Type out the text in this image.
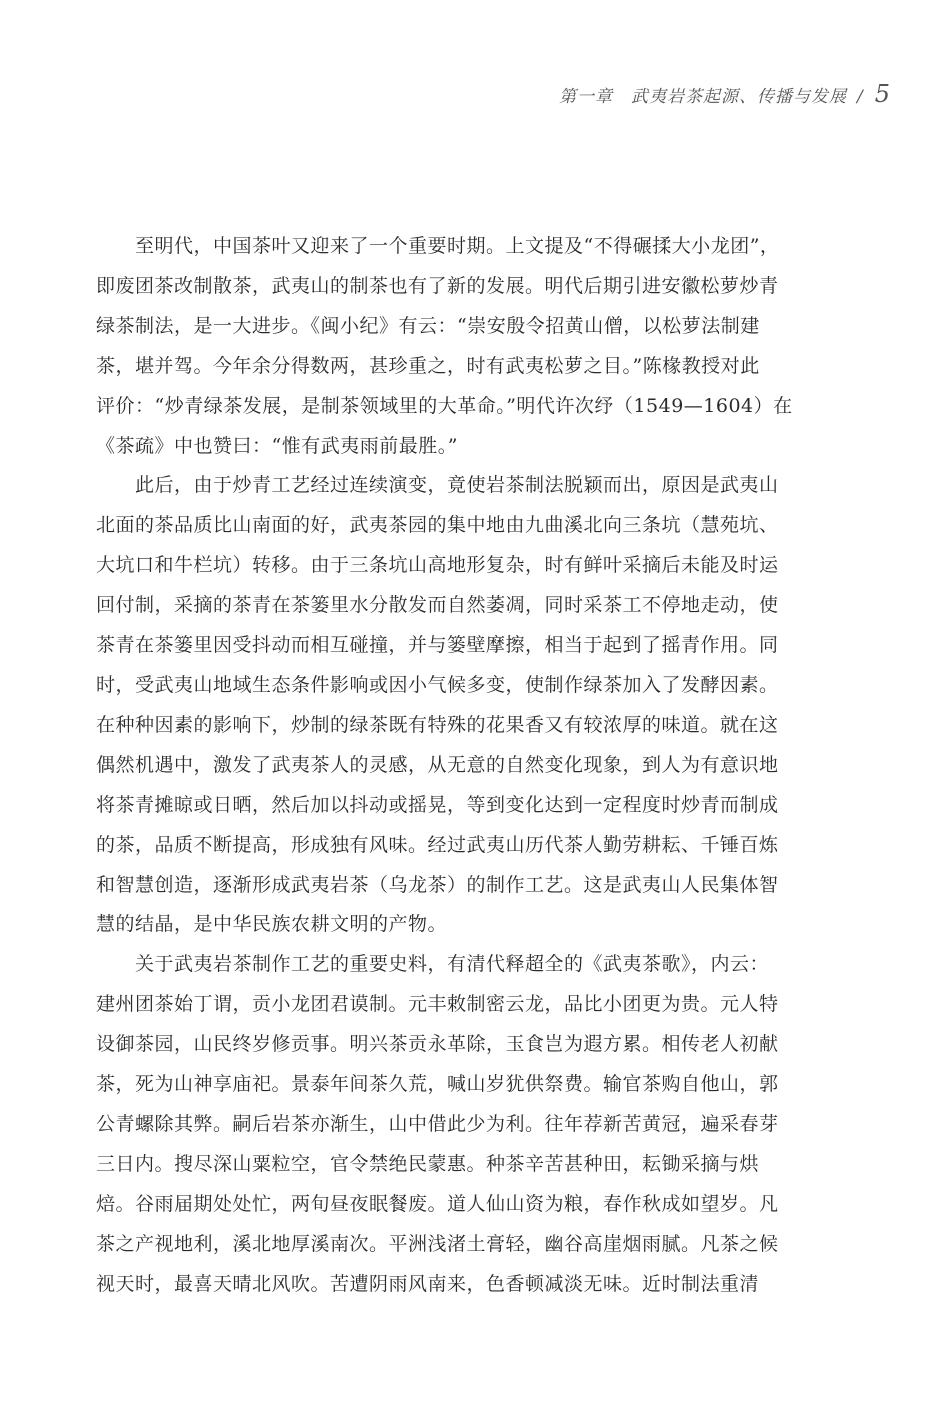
第一章　武夷岩茶起源、传播与发展 / 5

　　至明代，中国茶叶又迎来了一个重要时期。上文提及“不得碾揉大小龙团”，
即废团茶改制散茶，武夷山的制茶也有了新的发展。明代后期引进安徽松萝炒青
绿茶制法，是一大进步。《闽小纪》有云：“崇安殷令招黄山僧，以松萝法制建
茶，堪并驾。今年余分得数两，甚珍重之，时有武夷松萝之目。”陈椽教授对此
评价：“炒青绿茶发展，是制茶领域里的大革命。”明代许次纾（1549—1604）在
《茶疏》中也赞曰：“惟有武夷雨前最胜。”

　　此后，由于炒青工艺经过连续演变，竟使岩茶制法脱颖而出，原因是武夷山
北面的茶品质比山南面的好，武夷茶园的集中地由九曲溪北向三条坑（慧苑坑、
大坑口和牛栏坑）转移。由于三条坑山高地形复杂，时有鲜叶采摘后未能及时运
回付制，采摘的茶青在茶篓里水分散发而自然萎凋，同时采茶工不停地走动，使
茶青在茶篓里因受抖动而相互碰撞，并与篓壁摩擦，相当于起到了摇青作用。同
时，受武夷山地域生态条件影响或因小气候多变，使制作绿茶加入了发酵因素。
在种种因素的影响下，炒制的绿茶既有特殊的花果香又有较浓厚的味道。就在这
偶然机遇中，激发了武夷茶人的灵感，从无意的自然变化现象，到人为有意识地
将茶青摊晾或日晒，然后加以抖动或摇晃，等到变化达到一定程度时炒青而制成
的茶，品质不断提高，形成独有风味。经过武夷山历代茶人勤劳耕耘、千锤百炼
和智慧创造，逐渐形成武夷岩茶（乌龙茶）的制作工艺。这是武夷山人民集体智
慧的结晶，是中华民族农耕文明的产物。

　　关于武夷岩茶制作工艺的重要史料，有清代释超全的《武夷茶歌》，内云：
建州团茶始丁谓，贡小龙团君谟制。元丰敕制密云龙，品比小团更为贵。元人特
设御茶园，山民终岁修贡事。明兴茶贡永革除，玉食岂为遐方累。相传老人初献
茶，死为山神享庙祀。景泰年间茶久荒，喊山岁犹供祭费。输官茶购自他山，郭
公青螺除其弊。嗣后岩茶亦渐生，山中借此少为利。往年荐新苦黄冠，遍采春芽
三日内。搜尽深山粟粒空，官令禁绝民蒙惠。种茶辛苦甚种田，耘锄采摘与烘
焙。谷雨届期处处忙，两旬昼夜眠餐废。道人仙山资为粮，春作秋成如望岁。凡
茶之产视地利，溪北地厚溪南次。平洲浅渚土膏轻，幽谷高崖烟雨腻。凡茶之候
视天时，最喜天晴北风吹。苦遭阴雨风南来，色香顿减淡无味。近时制法重清
